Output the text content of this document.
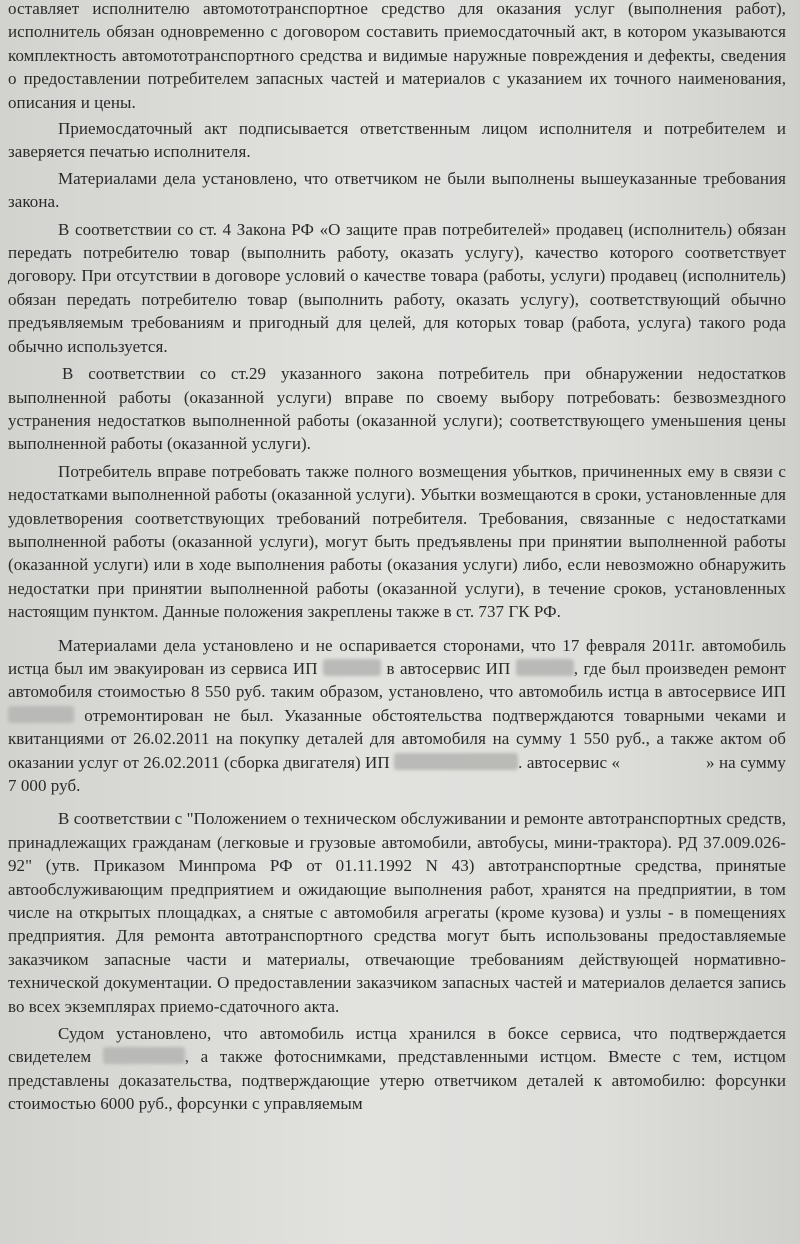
оставляет исполнителю автомототранспортное средство для оказания услуг (выполнения работ), исполнитель обязан одновременно с договором составить приемосдаточный акт, в котором указываются комплектность автомототранспортного средства и видимые наружные повреждения и дефекты, сведения о предоставлении потребителем запасных частей и материалов с указанием их точного наименования, описания и цены.

Приемосдаточный акт подписывается ответственным лицом исполнителя и потребителем и заверяется печатью исполнителя.

Материалами дела установлено, что ответчиком не были выполнены вышеуказанные требования закона.

В соответствии со ст. 4 Закона РФ «О защите прав потребителей» продавец (исполнитель) обязан передать потребителю товар (выполнить работу, оказать услугу), качество которого соответствует договору. При отсутствии в договоре условий о качестве товара (работы, услуги) продавец (исполнитель) обязан передать потребителю товар (выполнить работу, оказать услугу), соответствующий обычно предъявляемым требованиям и пригодный для целей, для которых товар (работа, услуга) такого рода обычно используется.

В соответствии со ст.29 указанного закона потребитель при обнаружении недостатков выполненной работы (оказанной услуги) вправе по своему выбору потребовать: безвозмездного устранения недостатков выполненной работы (оказанной услуги); соответствующего уменьшения цены выполненной работы (оказанной услуги).

Потребитель вправе потребовать также полного возмещения убытков, причиненных ему в связи с недостатками выполненной работы (оказанной услуги). Убытки возмещаются в сроки, установленные для удовлетворения соответствующих требований потребителя. Требования, связанные с недостатками выполненной работы (оказанной услуги), могут быть предъявлены при принятии выполненной работы (оказанной услуги) или в ходе выполнения работы (оказания услуги) либо, если невозможно обнаружить недостатки при принятии выполненной работы (оказанной услуги), в течение сроков, установленных настоящим пунктом. Данные положения закреплены также в ст. 737 ГК РФ.

Материалами дела установлено и не оспаривается сторонами, что 17 февраля 2011г. автомобиль истца был им эвакуирован из сервиса ИП	в автосервис ИП	, где был произведен ремонт автомобиля стоимостью 8 550 руб. таким образом, установлено, что автомобиль истца в автосервисе ИП  отремонтирован не был. Указанные обстоятельства подтверждаются товарными чеками и квитанциями от 26.02.2011 на покупку деталей для автомобиля на сумму 1 550 руб., а также актом об оказании услуг от 26.02.2011 (сборка двигателя) ИП	. автосервис «	» на сумму 7 000 руб.

В соответствии с "Положением о техническом обслуживании и ремонте автотранспортных средств, принадлежащих гражданам (легковые и грузовые автомобили, автобусы, мини-трактора). РД 37.009.026-92" (утв. Приказом Минпрома РФ от 01.11.1992 N 43) автотранспортные средства, принятые автообслуживающим предприятием и ожидающие выполнения работ, хранятся на предприятии, в том числе на открытых площадках, а снятые с автомобиля агрегаты (кроме кузова) и узлы - в помещениях предприятия. Для ремонта автотранспортного средства могут быть использованы предоставляемые заказчиком запасные части и материалы, отвечающие требованиям действующей нормативно-технической документации. О предоставлении заказчиком запасных частей и материалов делается запись во всех экземплярах приемо-сдаточного акта.

Судом установлено, что автомобиль истца хранился в боксе сервиса, что подтверждается свидетелем	, а также фотоснимками, представленными истцом. Вместе с тем, истцом представлены доказательства, подтверждающие утерю ответчиком деталей к автомобилю: форсунки стоимостью 6000 руб., форсунки с управляемым
